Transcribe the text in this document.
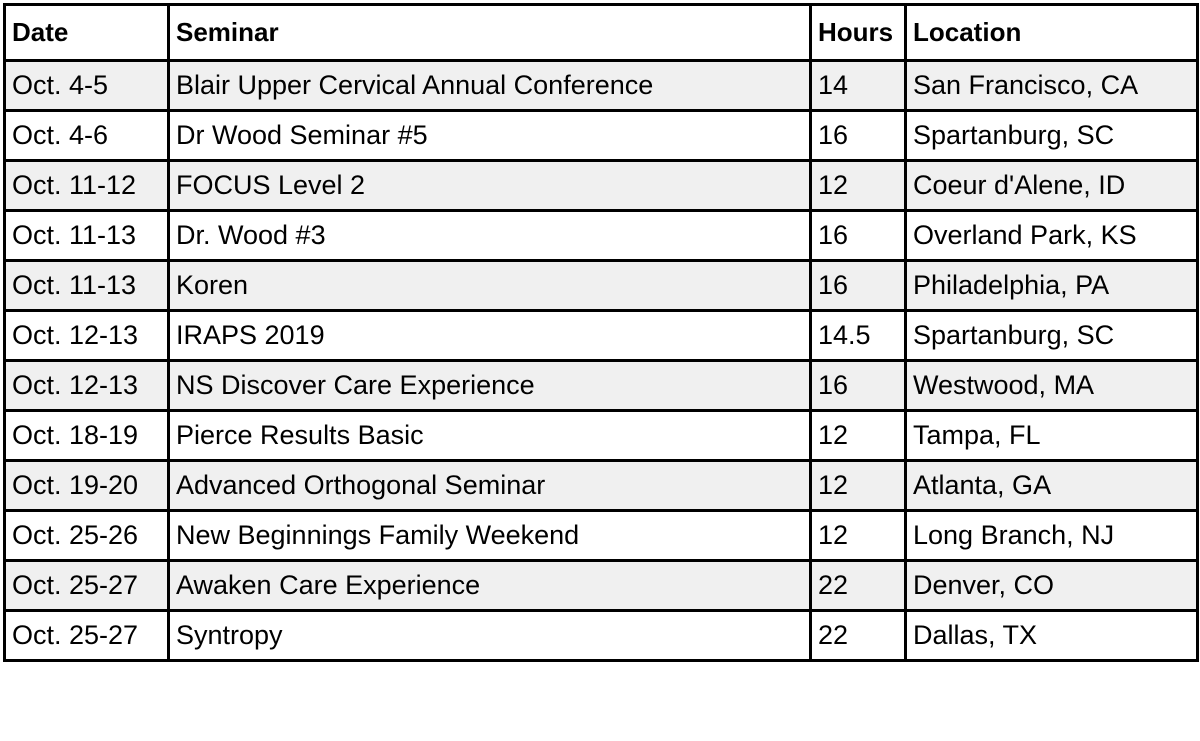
Date	Seminar	Hours	Location
Oct. 4-5	Blair Upper Cervical Annual Conference	14	San Francisco, CA
Oct. 4-6	Dr Wood Seminar #5	16	Spartanburg, SC
Oct. 11-12	FOCUS Level 2	12	Coeur d'Alene, ID
Oct. 11-13	Dr. Wood #3	16	Overland Park, KS
Oct. 11-13	Koren	16	Philadelphia, PA
Oct. 12-13	IRAPS 2019	14.5	Spartanburg, SC
Oct. 12-13	NS Discover Care Experience	16	Westwood, MA
Oct. 18-19	Pierce Results Basic	12	Tampa, FL
Oct. 19-20	Advanced Orthogonal Seminar	12	Atlanta, GA
Oct. 25-26	New Beginnings Family Weekend	12	Long Branch, NJ
Oct. 25-27	Awaken Care Experience	22	Denver, CO
Oct. 25-27	Syntropy	22	Dallas, TX
